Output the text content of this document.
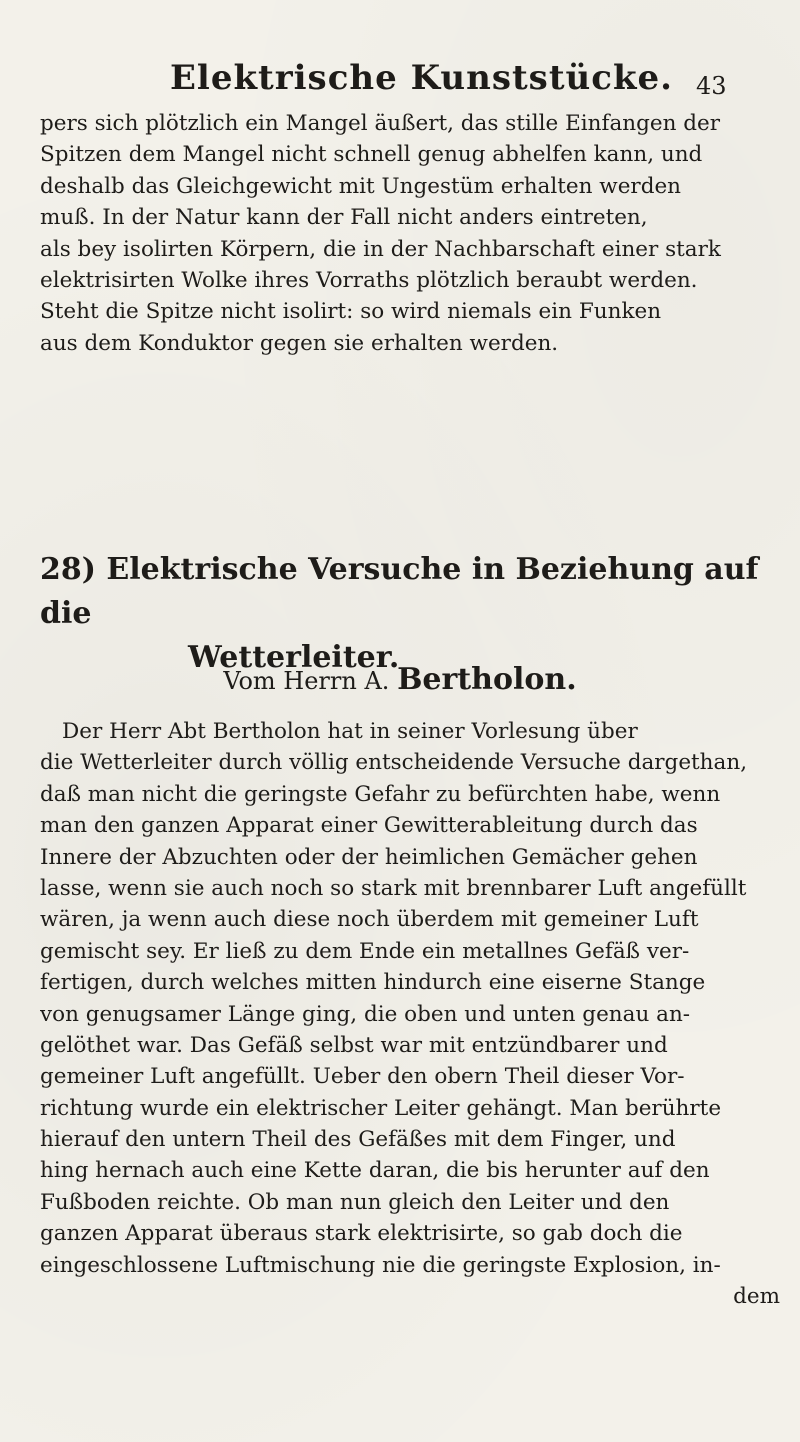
Elektrische Kunststücke. 43
pers sich plötzlich ein Mangel äußert, das stille Einfangen der
Spitzen dem Mangel nicht schnell genug abhelfen kann, und
deshalb das Gleichgewicht mit Ungestüm erhalten werden
muß. In der Natur kann der Fall nicht anders eintreten,
als bey isolirten Körpern, die in der Nachbarschaft einer stark
elektrisirten Wolke ihres Vorraths plötzlich beraubt werden.
Steht die Spitze nicht isolirt: so wird niemals ein Funken
aus dem Konduktor gegen sie erhalten werden.
28) Elektrische Versuche in Beziehung auf die
Wetterleiter.
Vom Herrn A. Bertholon.
Der Herr Abt Bertholon hat in seiner Vorlesung über
die Wetterleiter durch völlig entscheidende Versuche dargethan,
daß man nicht die geringste Gefahr zu befürchten habe, wenn
man den ganzen Apparat einer Gewitterableitung durch das
Innere der Abzuchten oder der heimlichen Gemächer gehen
lasse, wenn sie auch noch so stark mit brennbarer Luft angefüllt
wären, ja wenn auch diese noch überdem mit gemeiner Luft
gemischt sey. Er ließ zu dem Ende ein metallnes Gefäß ver-
fertigen, durch welches mitten hindurch eine eiserne Stange
von genugsamer Länge ging, die oben und unten genau an-
gelöthet war. Das Gefäß selbst war mit entzündbarer und
gemeiner Luft angefüllt. Ueber den obern Theil dieser Vor-
richtung wurde ein elektrischer Leiter gehängt. Man berührte
hierauf den untern Theil des Gefäßes mit dem Finger, und
hing hernach auch eine Kette daran, die bis herunter auf den
Fußboden reichte. Ob man nun gleich den Leiter und den
ganzen Apparat überaus stark elektrisirte, so gab doch die
eingeschlossene Luftmischung nie die geringste Explosion, in-
dem
